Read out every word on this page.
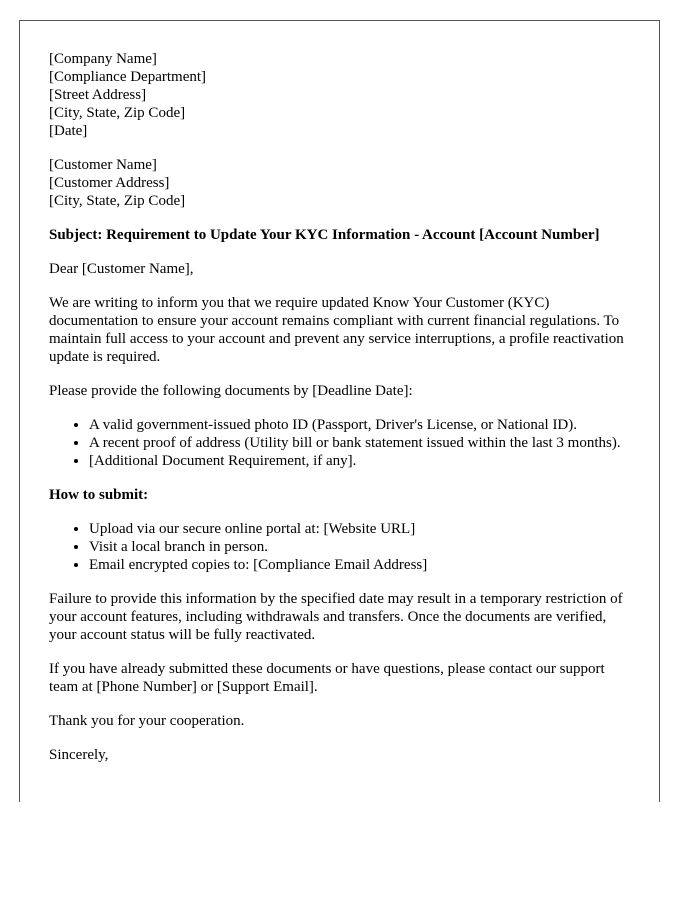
[Company Name]
[Compliance Department]
[Street Address]
[City, State, Zip Code]
[Date]
[Customer Name]
[Customer Address]
[City, State, Zip Code]
Subject: Requirement to Update Your KYC Information - Account [Account Number]

Dear [Customer Name],

We are writing to inform you that we require updated Know Your Customer (KYC) documentation to ensure your account remains compliant with current financial regulations. To maintain full access to your account and prevent any service interruptions, a profile reactivation update is required.

Please provide the following documents by [Deadline Date]:

• A valid government-issued photo ID (Passport, Driver's License, or National ID).
• A recent proof of address (Utility bill or bank statement issued within the last 3 months).
• [Additional Document Requirement, if any].
How to submit:
• Upload via our secure online portal at: [Website URL]
• Visit a local branch in person.
• Email encrypted copies to: [Compliance Email Address]

Failure to provide this information by the specified date may result in a temporary restriction of your account features, including withdrawals and transfers. Once the documents are verified, your account status will be fully reactivated.

If you have already submitted these documents or have questions, please contact our support team at [Phone Number] or [Support Email].

Thank you for your cooperation.

Sincerely,
